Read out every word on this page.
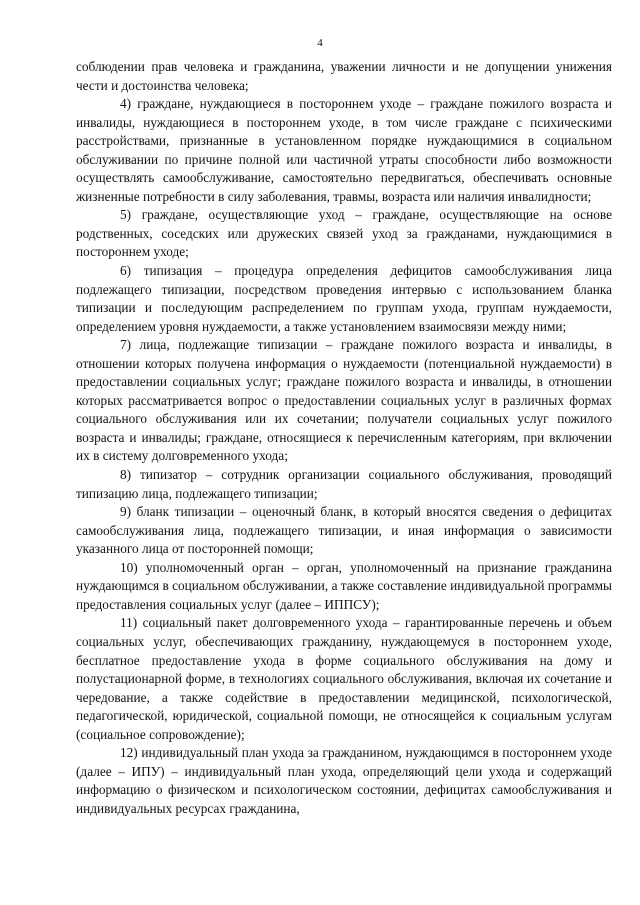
4

соблюдении прав человека и гражданина, уважении личности и не допущении унижения чести и достоинства человека;

4) граждане, нуждающиеся в постороннем уходе – граждане пожилого возраста и инвалиды, нуждающиеся в постороннем уходе, в том числе граждане с психическими расстройствами, признанные в установленном порядке нуждающимися в социальном обслуживании по причине полной или частичной утраты способности либо возможности осуществлять самообслуживание, самостоятельно передвигаться, обеспечивать основные жизненные потребности в силу заболевания, травмы, возраста или наличия инвалидности;

5) граждане, осуществляющие уход – граждане, осуществляющие на основе родственных, соседских или дружеских связей уход за гражданами, нуждающимися в постороннем уходе;

6) типизация – процедура определения дефицитов самообслуживания лица подлежащего типизации, посредством проведения интервью с использованием бланка типизации и последующим распределением по группам ухода, группам нуждаемости, определением уровня нуждаемости, а также установлением взаимосвязи между ними;

7) лица, подлежащие типизации – граждане пожилого возраста и инвалиды, в отношении которых получена информация о нуждаемости (потенциальной нуждаемости) в предоставлении социальных услуг; граждане пожилого возраста и инвалиды, в отношении которых рассматривается вопрос о предоставлении социальных услуг в различных формах социального обслуживания или их сочетании; получатели социальных услуг пожилого возраста и инвалиды; граждане, относящиеся к перечисленным категориям, при включении их в систему долговременного ухода;

8) типизатор – сотрудник организации социального обслуживания, проводящий типизацию лица, подлежащего типизации;

9) бланк типизации – оценочный бланк, в который вносятся сведения о дефицитах самообслуживания лица, подлежащего типизации, и иная информация о зависимости указанного лица от посторонней помощи;

10) уполномоченный орган – орган, уполномоченный на признание гражданина нуждающимся в социальном обслуживании, а также составление индивидуальной программы предоставления социальных услуг (далее – ИППСУ);

11) социальный пакет долговременного ухода – гарантированные перечень и объем социальных услуг, обеспечивающих гражданину, нуждающемуся в постороннем уходе, бесплатное предоставление ухода в форме социального обслуживания на дому и полустационарной форме, в технологиях социального обслуживания, включая их сочетание и чередование, а также содействие в предоставлении медицинской, психологической, педагогической, юридической, социальной помощи, не относящейся к социальным услугам (социальное сопровождение);

12) индивидуальный план ухода за гражданином, нуждающимся в постороннем уходе (далее – ИПУ) – индивидуальный план ухода, определяющий цели ухода и содержащий информацию о физическом и психологическом состоянии, дефицитах самообслуживания и индивидуальных ресурсах гражданина,
